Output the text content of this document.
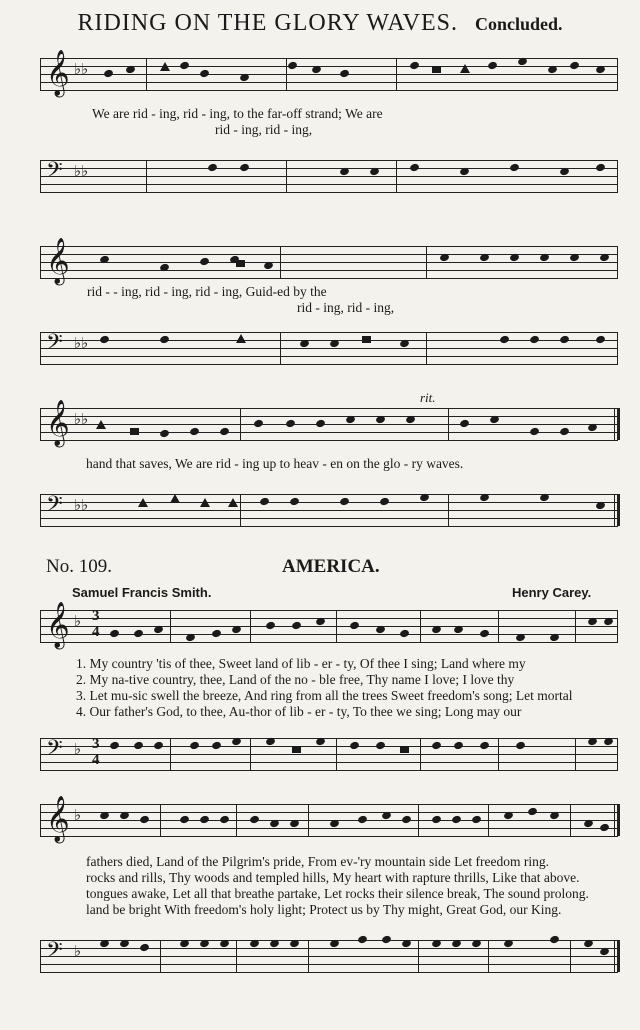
RIDING ON THE GLORY WAVES. Concluded.
𝄞 ♭♭
We are rid - ing, rid - ing, to the far-off strand; We are
rid - ing, rid - ing,
𝄢 ♭♭
𝄞
rid - - ing, rid - ing, rid - ing, Guid-ed by the
rid - ing, rid - ing,
𝄢 ♭♭
rit.
𝄞 ♭♭
hand that saves, We are rid - ing up to heav - en on the glo - ry waves.
𝄢 ♭♭
No. 109.	AMERICA.
Samuel Francis Smith.	Henry Carey.
𝄞 ♭ 3
4
1. My country 'tis of thee, Sweet land of lib - er - ty, Of thee I sing; Land where my
2. My na-tive country, thee, Land of the no - ble free, Thy name I love; I love thy
3. Let mu-sic swell the breeze, And ring from all the trees Sweet freedom's song; Let mortal
4. Our father's God, to thee, Au-thor of lib - er - ty, To thee we sing; Long may our
𝄢 ♭ 3
4
𝄞 ♭
fathers died, Land of the Pilgrim's pride, From ev-'ry mountain side Let freedom ring.
rocks and rills, Thy woods and templed hills, My heart with rapture thrills, Like that above.
tongues awake, Let all that breathe partake, Let rocks their silence break, The sound prolong.
land be bright With freedom's holy light; Protect us by Thy might, Great God, our King.
𝄢 ♭
